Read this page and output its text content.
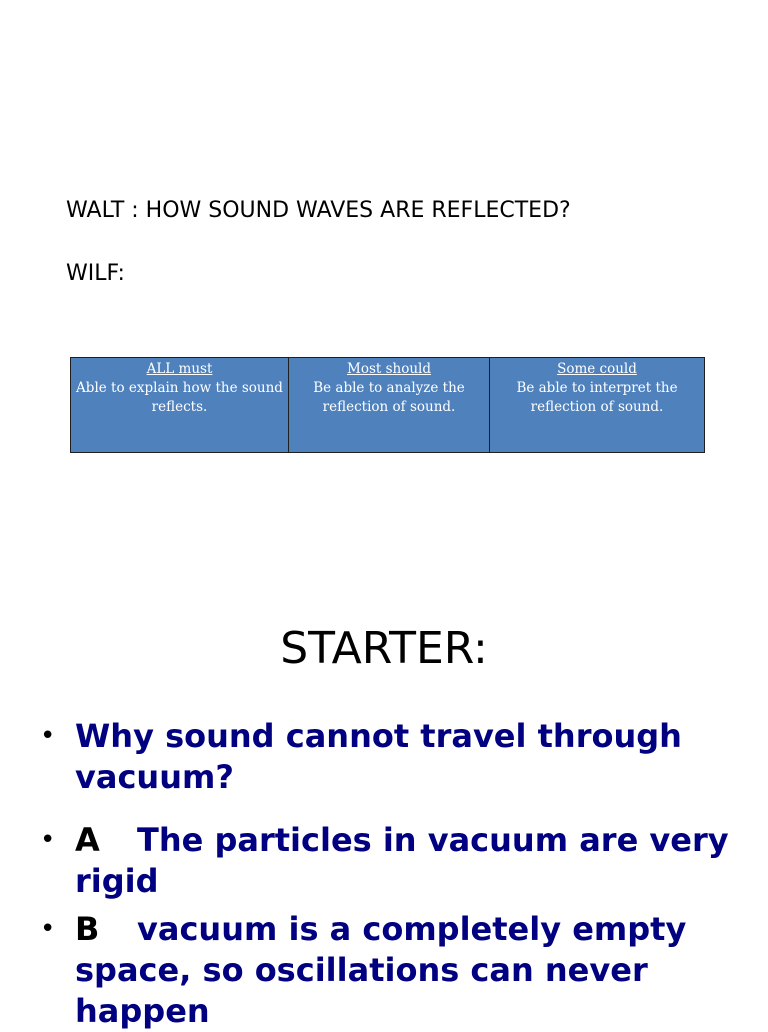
WALT : HOW SOUND WAVES ARE REFLECTED?
WILF:
ALL must
Able to explain how the sound reflects.

Most should
Be able to analyze the reflection of sound.

Some could
Be able to interpret the reflection of sound.
STARTER:
• Why sound cannot travel through vacuum?
• A The particles in vacuum are very rigid
• B vacuum is a completely empty space, so oscillations can never happen
